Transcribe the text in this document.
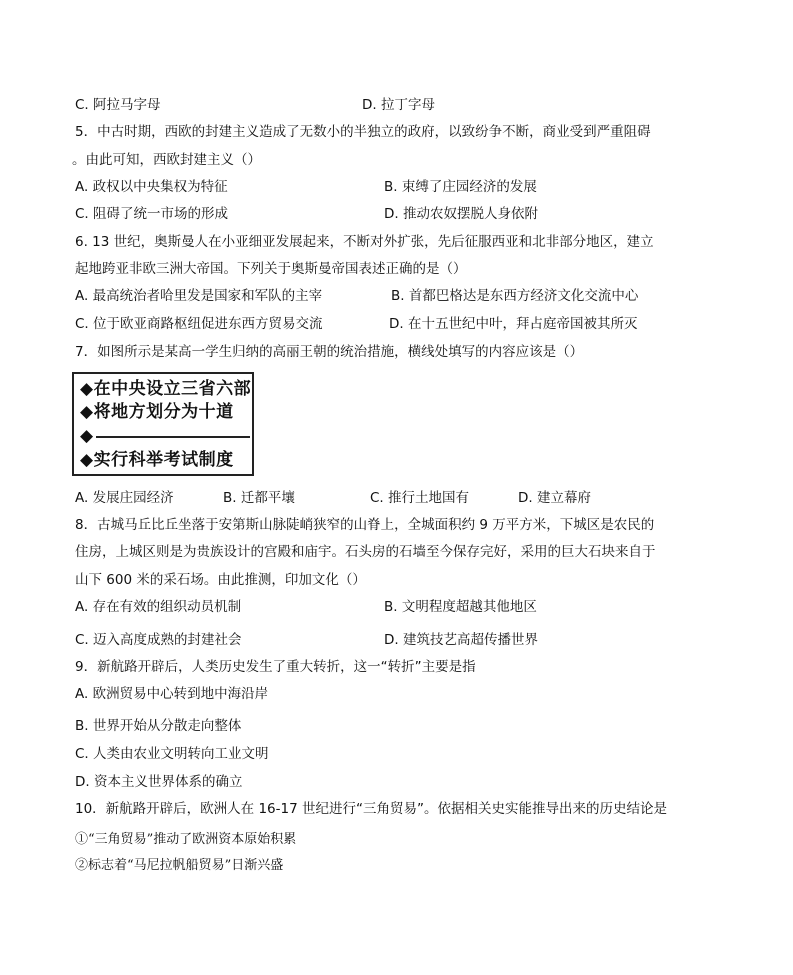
C. 阿拉马字母	D. 拉丁字母
5．中古时期，西欧的封建主义造成了无数小的半独立的政府，以致纷争不断，商业受到严重阻碍
。由此可知，西欧封建主义（）
A. 政权以中央集权为特征	B. 束缚了庄园经济的发展
C. 阻碍了统一市场的形成	D. 推动农奴摆脱人身依附
6. 13 世纪，奥斯曼人在小亚细亚发展起来，不断对外扩张，先后征服西亚和北非部分地区，建立
起地跨亚非欧三洲大帝国。下列关于奥斯曼帝国表述正确的是（）
A. 最高统治者哈里发是国家和军队的主宰	B. 首都巴格达是东西方经济文化交流中心
C. 位于欧亚商路枢纽促进东西方贸易交流	D. 在十五世纪中叶，拜占庭帝国被其所灭
7．如图所示是某高一学生归纳的高丽王朝的统治措施，横线处填写的内容应该是（）
◆在中央设立三省六部
◆将地方划分为十道
◆
◆实行科举考试制度
A. 发展庄园经济	B. 迁都平壤	C. 推行土地国有	D. 建立幕府
8．古城马丘比丘坐落于安第斯山脉陡峭狭窄的山脊上，全城面积约 9 万平方米，下城区是农民的
住房，上城区则是为贵族设计的宫殿和庙宇。石头房的石墙至今保存完好，采用的巨大石块来自于
山下 600 米的采石场。由此推测，印加文化（）
A. 存在有效的组织动员机制	B. 文明程度超越其他地区
C. 迈入高度成熟的封建社会	D. 建筑技艺高超传播世界
9．新航路开辟后，人类历史发生了重大转折，这一“转折”主要是指
A. 欧洲贸易中心转到地中海沿岸
B. 世界开始从分散走向整体
C. 人类由农业文明转向工业文明
D. 资本主义世界体系的确立
10．新航路开辟后，欧洲人在 16-17 世纪进行“三角贸易”。依据相关史实能推导出来的历史结论是
①“三角贸易”推动了欧洲资本原始积累
②标志着“马尼拉帆船贸易”日渐兴盛
